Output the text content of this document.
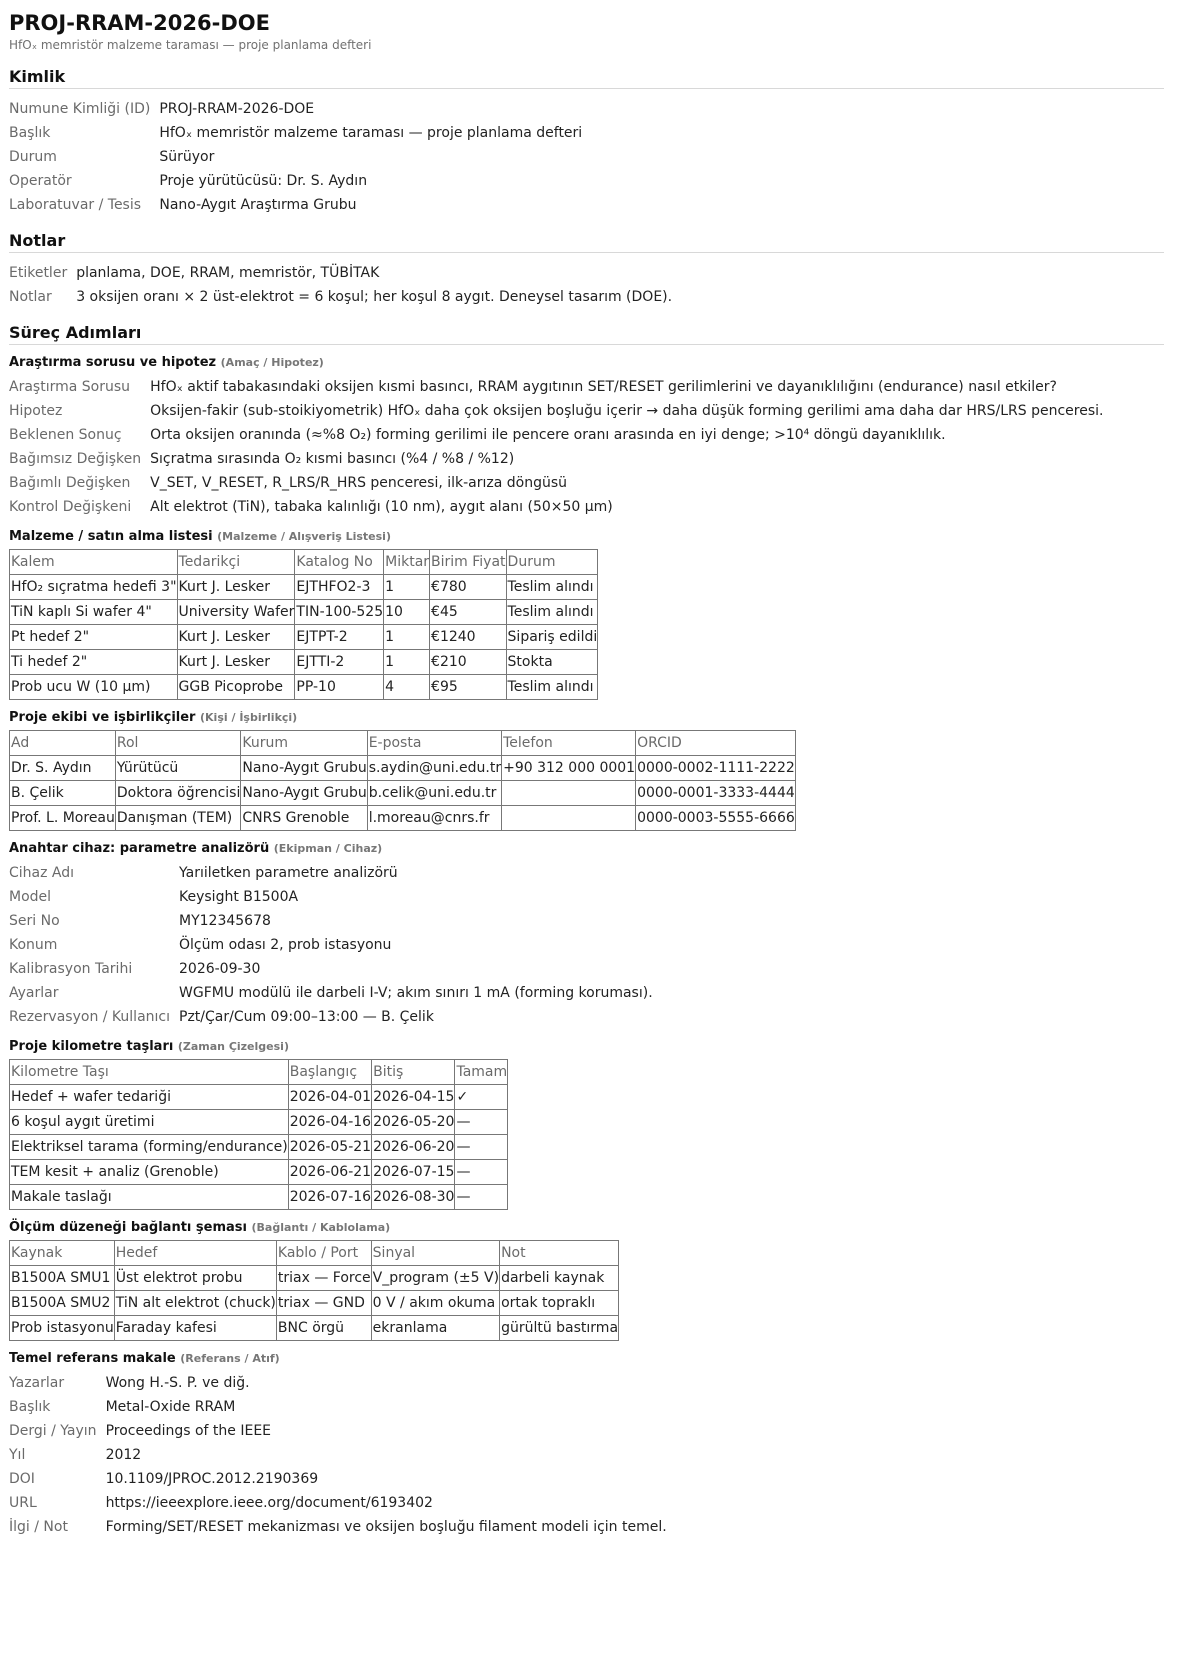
PROJ-RRAM-2026-DOE
HfOₓ memristör malzeme taraması — proje planlama defteri
Kimlik
Numune Kimliği (ID)	PROJ-RRAM-2026-DOE
Başlık	HfOₓ memristör malzeme taraması — proje planlama defteri
Durum	Sürüyor
Operatör	Proje yürütücüsü: Dr. S. Aydın
Laboratuvar / Tesis	Nano-Aygıt Araştırma Grubu
Notlar
Etiketler	planlama, DOE, RRAM, memristör, TÜBİTAK
Notlar	3 oksijen oranı × 2 üst-elektrot = 6 koşul; her koşul 8 aygıt. Deneysel tasarım (DOE).
Süreç Adımları
Araştırma sorusu ve hipotez (Amaç / Hipotez)
Araştırma Sorusu	HfOₓ aktif tabakasındaki oksijen kısmi basıncı, RRAM aygıtının SET/RESET gerilimlerini ve dayanıklılığını (endurance) nasıl etkiler?
Hipotez	Oksijen-fakir (sub-stoikiyometrik) HfOₓ daha çok oksijen boşluğu içerir → daha düşük forming gerilimi ama daha dar HRS/LRS penceresi.
Beklenen Sonuç	Orta oksijen oranında (≈%8 O₂) forming gerilimi ile pencere oranı arasında en iyi denge; >10⁴ döngü dayanıklılık.
Bağımsız Değişken	Sıçratma sırasında O₂ kısmi basıncı (%4 / %8 / %12)
Bağımlı Değişken	V_SET, V_RESET, R_LRS/R_HRS penceresi, ilk-arıza döngüsü
Kontrol Değişkeni	Alt elektrot (TiN), tabaka kalınlığı (10 nm), aygıt alanı (50×50 µm)
Malzeme / satın alma listesi (Malzeme / Alışveriş Listesi)
Kalem	Tedarikçi	Katalog No	Miktar	Birim Fiyat	Durum
HfO₂ sıçratma hedefi 3"	Kurt J. Lesker	EJTHFO2-3	1	€780	Teslim alındı
TiN kaplı Si wafer 4"	University Wafer	TIN-100-525	10	€45	Teslim alındı
Pt hedef 2"	Kurt J. Lesker	EJTPT-2	1	€1240	Sipariş edildi
Ti hedef 2"	Kurt J. Lesker	EJTTI-2	1	€210	Stokta
Prob ucu W (10 µm)	GGB Picoprobe	PP-10	4	€95	Teslim alındı
Proje ekibi ve işbirlikçiler (Kişi / İşbirlikçi)
Ad	Rol	Kurum	E-posta	Telefon	ORCID
Dr. S. Aydın	Yürütücü	Nano-Aygıt Grubu	s.aydin@uni.edu.tr	+90 312 000 0001	0000-0002-1111-2222
B. Çelik	Doktora öğrencisi	Nano-Aygıt Grubu	b.celik@uni.edu.tr		0000-0001-3333-4444
Prof. L. Moreau	Danışman (TEM)	CNRS Grenoble	l.moreau@cnrs.fr		0000-0003-5555-6666
Anahtar cihaz: parametre analizörü (Ekipman / Cihaz)
Cihaz Adı	Yarıiletken parametre analizörü
Model	Keysight B1500A
Seri No	MY12345678
Konum	Ölçüm odası 2, prob istasyonu
Kalibrasyon Tarihi	2026-09-30
Ayarlar	WGFMU modülü ile darbeli I-V; akım sınırı 1 mA (forming koruması).
Rezervasyon / Kullanıcı	Pzt/Çar/Cum 09:00–13:00 — B. Çelik
Proje kilometre taşları (Zaman Çizelgesi)
Kilometre Taşı	Başlangıç	Bitiş	Tamam
Hedef + wafer tedariği	2026-04-01	2026-04-15	✓
6 koşul aygıt üretimi	2026-04-16	2026-05-20	—
Elektriksel tarama (forming/endurance)	2026-05-21	2026-06-20	—
TEM kesit + analiz (Grenoble)	2026-06-21	2026-07-15	—
Makale taslağı	2026-07-16	2026-08-30	—
Ölçüm düzeneği bağlantı şeması (Bağlantı / Kablolama)
Kaynak	Hedef	Kablo / Port	Sinyal	Not
B1500A SMU1	Üst elektrot probu	triax — Force	V_program (±5 V)	darbeli kaynak
B1500A SMU2	TiN alt elektrot (chuck)	triax — GND	0 V / akım okuma	ortak topraklı
Prob istasyonu	Faraday kafesi	BNC örgü	ekranlama	gürültü bastırma
Temel referans makale (Referans / Atıf)
Yazarlar	Wong H.-S. P. ve diğ.
Başlık	Metal-Oxide RRAM
Dergi / Yayın	Proceedings of the IEEE
Yıl	2012
DOI	10.1109/JPROC.2012.2190369
URL	https://ieeexplore.ieee.org/document/6193402
İlgi / Not	Forming/SET/RESET mekanizması ve oksijen boşluğu filament modeli için temel.
